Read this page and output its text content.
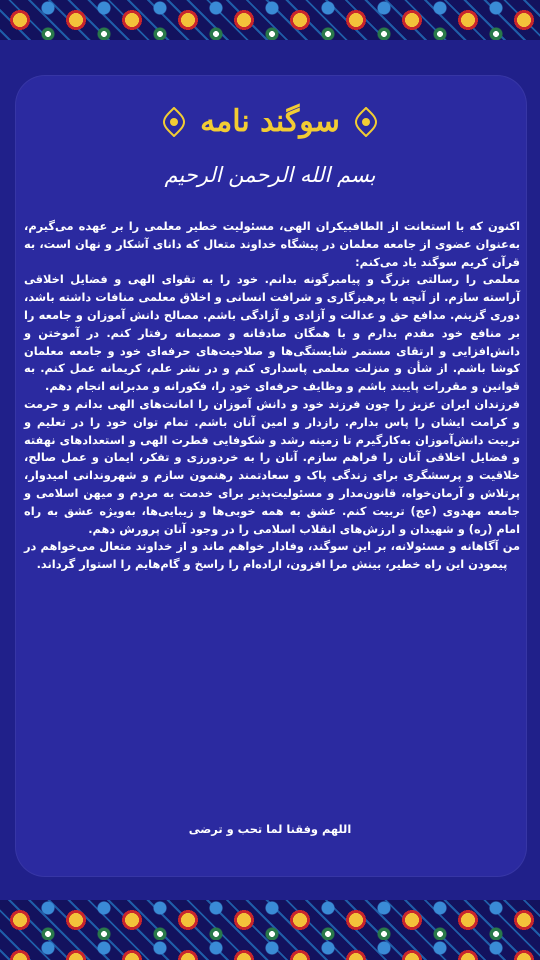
سوگند نامه
بسم الله الرحمن الرحیم

اکنون که با استعانت از الطافبیکران الهی، مسئولیت خطیر معلمی را بر عهده می‌گیرم، به‌عنوان عضوی از جامعه معلمان در پیشگاه خداوند متعال که دانای آشکار و نهان است، به قرآن کریم سوگند یاد می‌کنم:

معلمی را رسالتی بزرگ و پیامبرگونه بدانم. خود را به تقوای الهی و فضایل اخلاقی آراسته سازم. از آنچه با پرهیزگاری و شرافت انسانی و اخلاق معلمی منافات داشته باشد، دوری گزینم. مدافع حق و عدالت و آزادی و آزادگی باشم. مصالح دانش آموزان و جامعه را بر منافع خود مقدم بدارم و با همگان صادقانه و صمیمانه رفتار کنم. در آموختن و دانش‌افزایی و ارتقای مستمر شایستگی‌ها و صلاحیت‌های حرفه‌ای خود و جامعه معلمان کوشا باشم. از شأن و منزلت معلمی پاسداری کنم و در نشر علم، کریمانه عمل کنم. به قوانین و مقررات پایبند باشم و وظایف حرفه‌ای خود را، فکورانه و مدبرانه انجام دهم.

فرزندان ایران عزیز را چون فرزند خود و دانش آموزان را امانت‌های الهی بدانم و حرمت و کرامت ایشان را پاس بدارم. رازدار و امین آنان باشم. تمام توان خود را در تعلیم و تربیت دانش‌آموزان به‌کارگیرم تا زمینه رشد و شکوفایی فطرت الهی و استعدادهای نهفته و فضایل اخلاقی آنان را فراهم سازم. آنان را به خردورزی و تفکر، ایمان و عمل صالح، خلاقیت و پرسشگری برای زندگی پاک و سعادتمند رهنمون سازم و شهروندانی امیدوار، پرتلاش و آرمان‌خواه، قانون‌مدار و مسئولیت‌پذیر برای خدمت به مردم و میهن اسلامی و جامعه مهدوی (عج) تربیت کنم. عشق به همه خوبی‌ها و زیبایی‌ها، به‌ویژه عشق به راه امام (ره) و شهیدان و ارزش‌های انقلاب اسلامی را در وجود آنان پرورش دهم.

من آگاهانه و مسئولانه، بر این سوگند، وفادار خواهم ماند و از خداوند متعال می‌خواهم در پیمودن این راه خطیر، بینش مرا افزون، اراده‌ام را راسخ و گام‌هایم را استوار گرداند.

اللهم وفقنا لما تحب و ترضی
